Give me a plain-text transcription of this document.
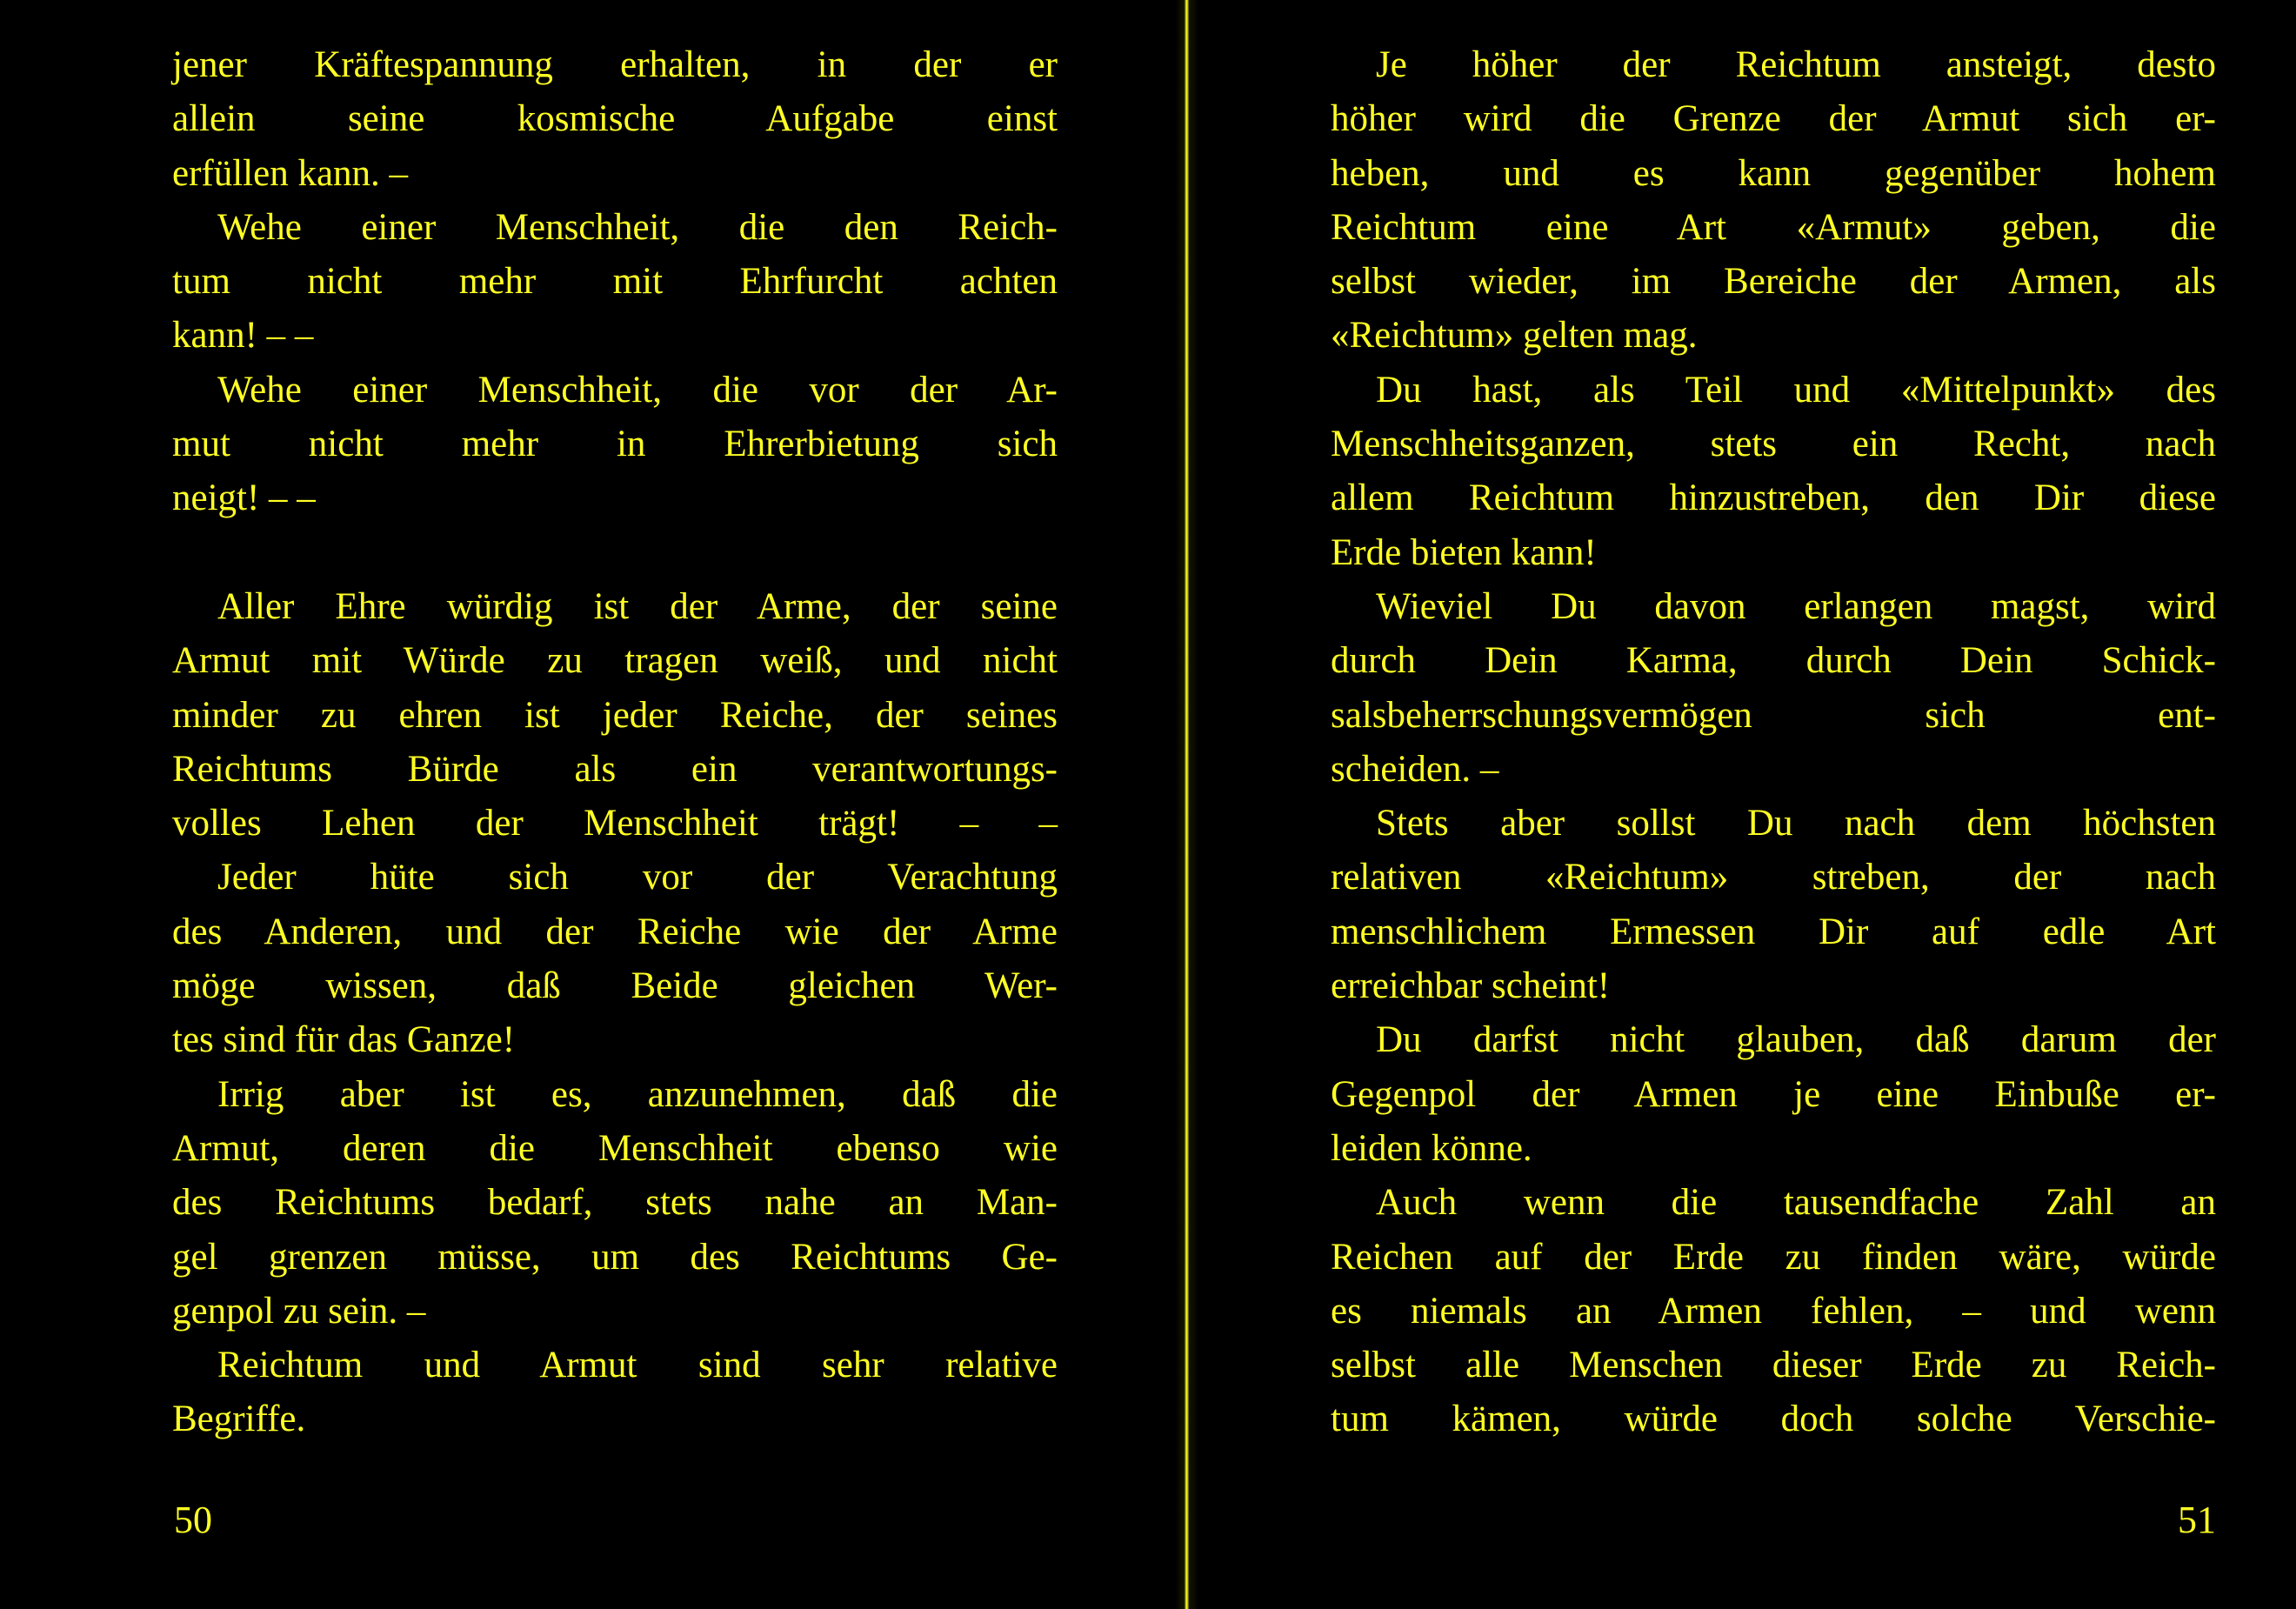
jener Kräftespannung erhalten, in der er
allein seine kosmische Aufgabe einst
erfüllen kann. –
Wehe einer Menschheit, die den Reich-
tum nicht mehr mit Ehrfurcht achten
kann! – –
Wehe einer Menschheit, die vor der Ar-
mut nicht mehr in Ehrerbietung sich
neigt! – –
Aller Ehre würdig ist der Arme, der seine
Armut mit Würde zu tragen weiß, und nicht
minder zu ehren ist jeder Reiche, der seines
Reichtums Bürde als ein verantwortungs-
volles Lehen der Menschheit trägt! – –
Jeder hüte sich vor der Verachtung
des Anderen, und der Reiche wie der Arme
möge wissen, daß Beide gleichen Wer-
tes sind für das Ganze!
Irrig aber ist es, anzunehmen, daß die
Armut, deren die Menschheit ebenso wie
des Reichtums bedarf, stets nahe an Man-
gel grenzen müsse, um des Reichtums Ge-
genpol zu sein. –
Reichtum und Armut sind sehr relative
Begriffe.
50
Je höher der Reichtum ansteigt, desto
höher wird die Grenze der Armut sich er-
heben, und es kann gegenüber hohem
Reichtum eine Art «Armut» geben, die
selbst wieder, im Bereiche der Armen, als
«Reichtum» gelten mag.
Du hast, als Teil und «Mittelpunkt» des
Menschheitsganzen, stets ein Recht, nach
allem Reichtum hinzustreben, den Dir diese
Erde bieten kann!
Wieviel Du davon erlangen magst, wird
durch Dein Karma, durch Dein Schick-
salsbeherrschungsvermögen sich ent-
scheiden. –
Stets aber sollst Du nach dem höchsten
relativen «Reichtum» streben, der nach
menschlichem Ermessen Dir auf edle Art
erreichbar scheint!
Du darfst nicht glauben, daß darum der
Gegenpol der Armen je eine Einbuße er-
leiden könne.
Auch wenn die tausendfache Zahl an
Reichen auf der Erde zu finden wäre, würde
es niemals an Armen fehlen, – und wenn
selbst alle Menschen dieser Erde zu Reich-
tum kämen, würde doch solche Verschie-
51
